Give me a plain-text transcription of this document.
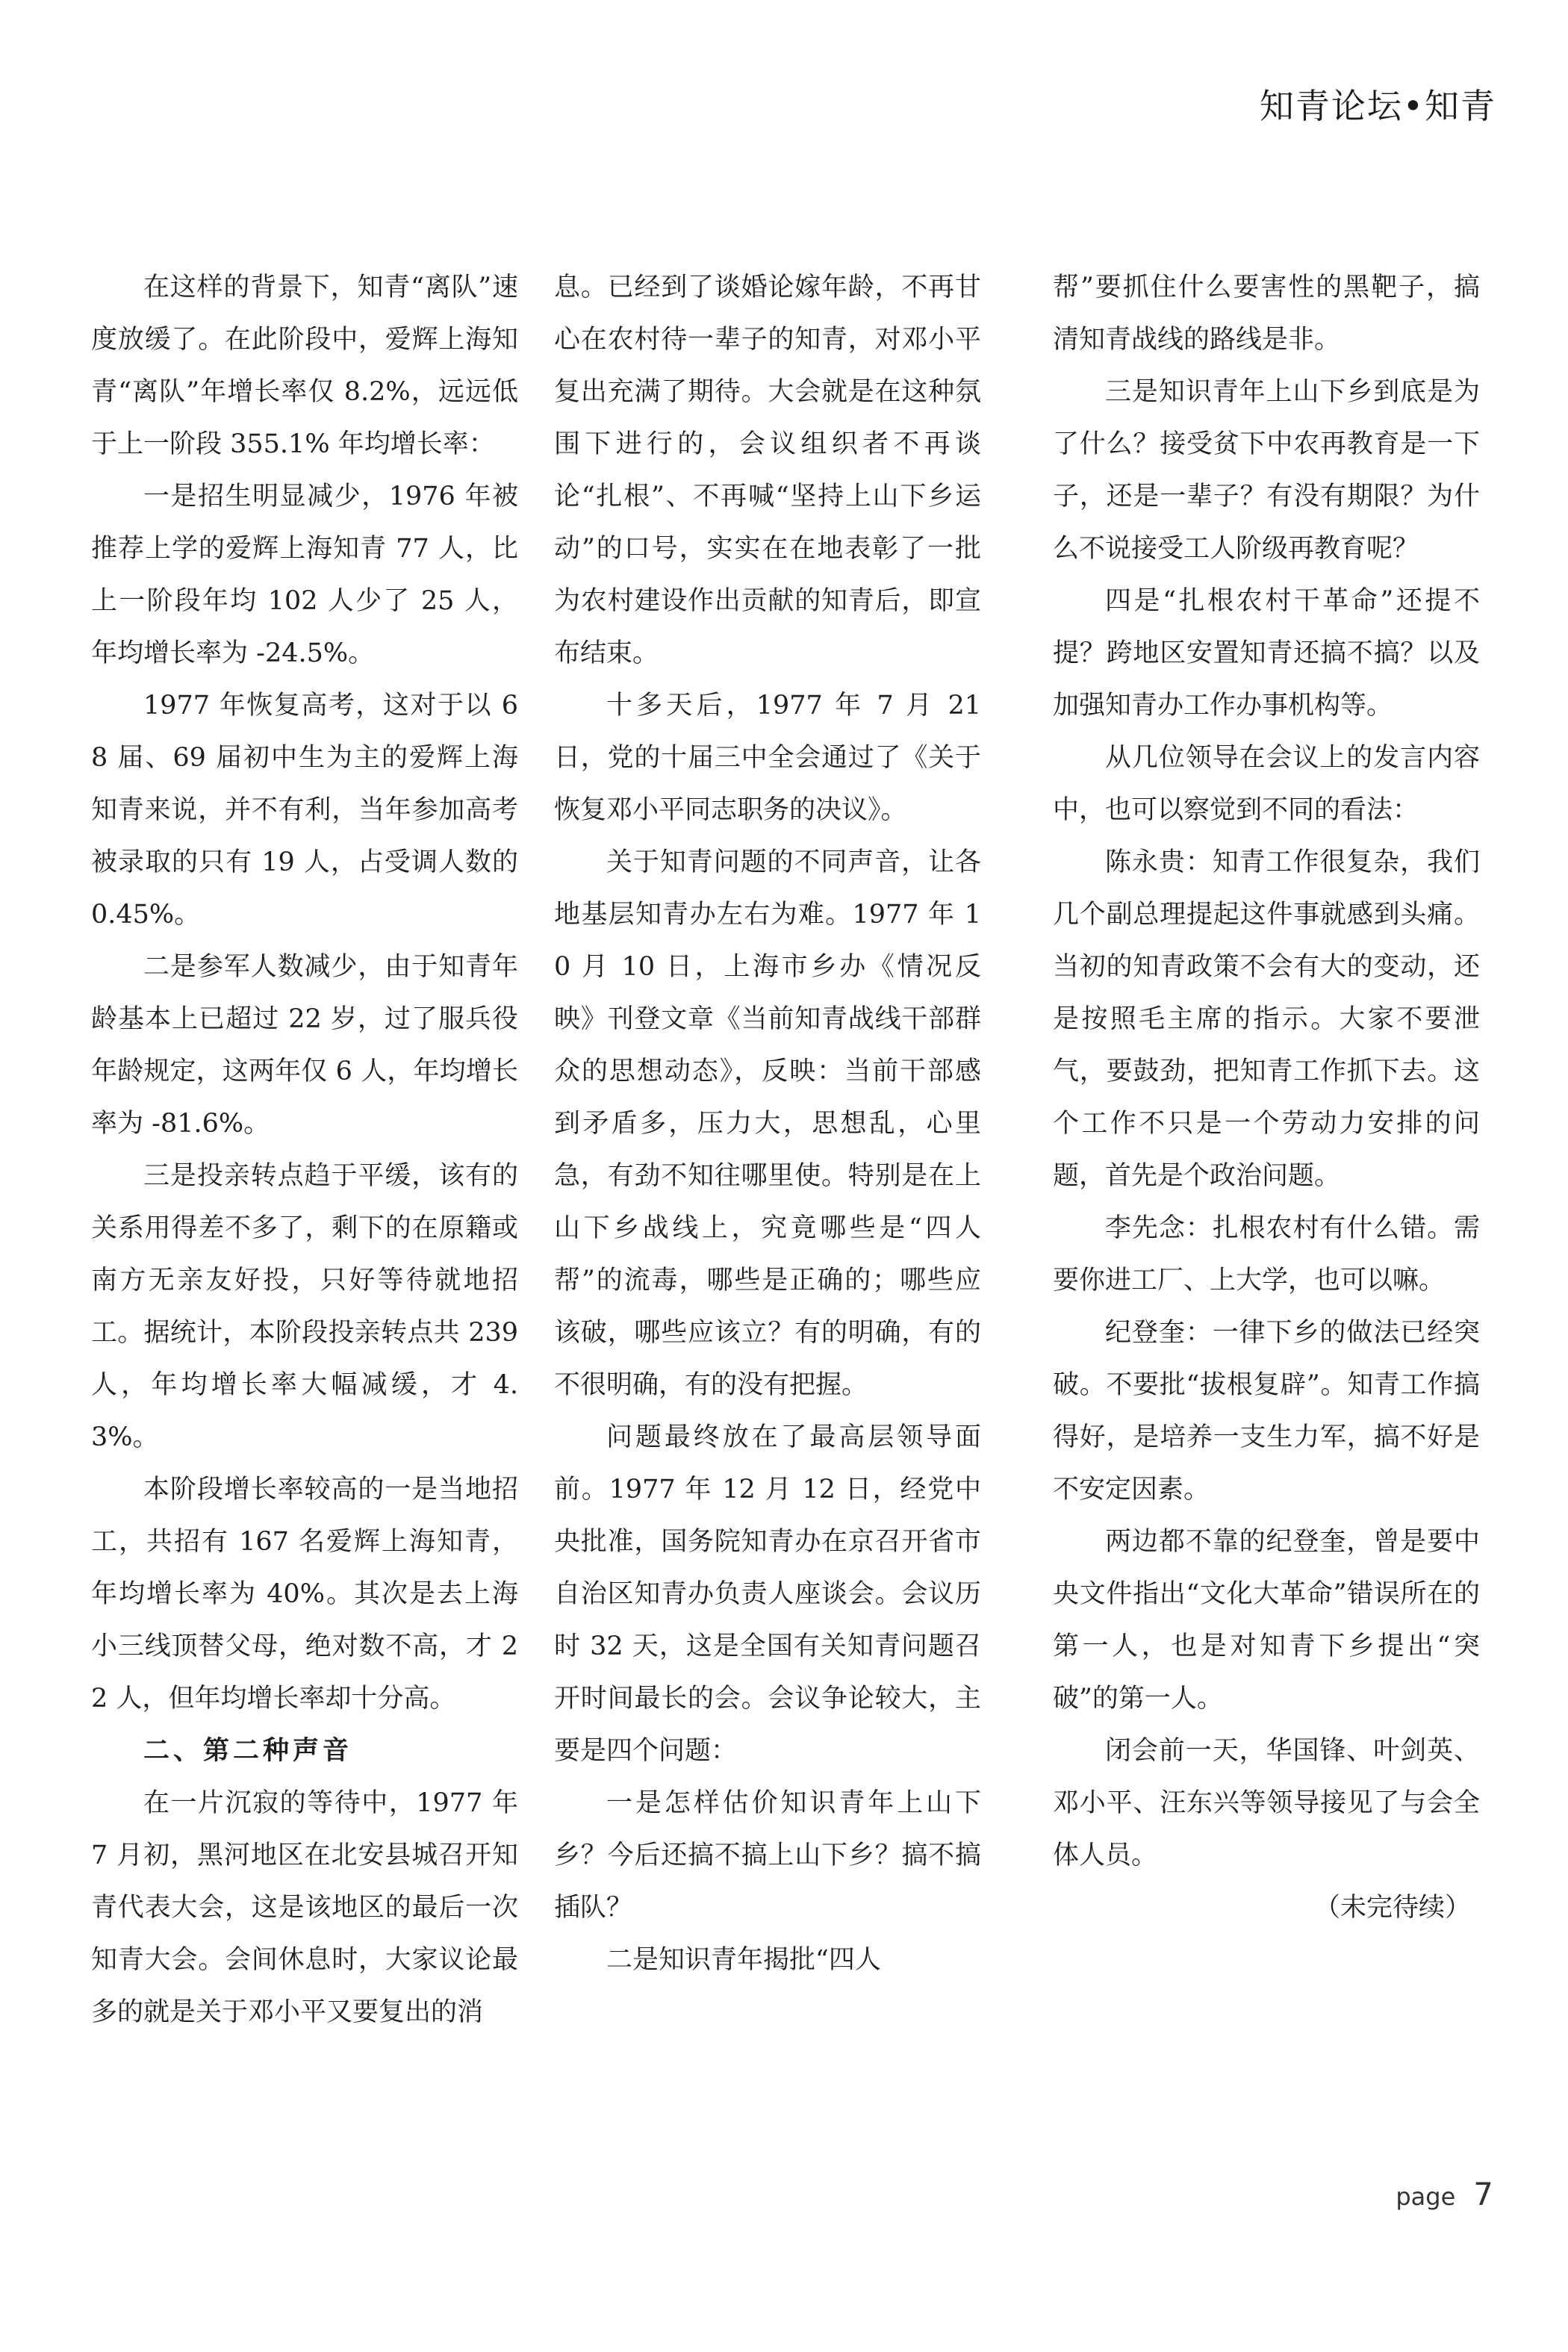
知青论坛•知青

在这样的背景下，知青“离队”速度放缓了。在此阶段中，爱辉上海知青“离队”年增长率仅 8.2%，远远低于上一阶段 355.1% 年均增长率：

一是招生明显减少，1976 年被推荐上学的爱辉上海知青 77 人，比上一阶段年均 102 人少了 25 人，年均增长率为 -24.5%。

1977 年恢复高考，这对于以 68 届、69 届初中生为主的爱辉上海知青来说，并不有利，当年参加高考被录取的只有 19 人，占受调人数的 0.45%。

二是参军人数减少，由于知青年龄基本上已超过 22 岁，过了服兵役年龄规定，这两年仅 6 人，年均增长率为 -81.6%。

三是投亲转点趋于平缓，该有的关系用得差不多了，剩下的在原籍或南方无亲友好投，只好等待就地招工。据统计，本阶段投亲转点共 239 人，年均增长率大幅减缓，才 4.3%。

本阶段增长率较高的一是当地招工，共招有 167 名爱辉上海知青，年均增长率为 40%。其次是去上海小三线顶替父母，绝对数不高，才 22 人，但年均增长率却十分高。

二、第二种声音

在一片沉寂的等待中，1977 年 7 月初，黑河地区在北安县城召开知青代表大会，这是该地区的最后一次知青大会。会间休息时，大家议论最多的就是关于邓小平又要复出的消

息。已经到了谈婚论嫁年龄，不再甘心在农村待一辈子的知青，对邓小平复出充满了期待。大会就是在这种氛围下进行的，会议组织者不再谈论“扎根”、不再喊“坚持上山下乡运动”的口号，实实在在地表彰了一批为农村建设作出贡献的知青后，即宣布结束。

十多天后，1977 年 7 月 21 日，党的十届三中全会通过了《关于恢复邓小平同志职务的决议》。

关于知青问题的不同声音，让各地基层知青办左右为难。1977 年 10 月 10 日，上海市乡办《情况反映》刊登文章《当前知青战线干部群众的思想动态》，反映：当前干部感到矛盾多，压力大，思想乱，心里急，有劲不知往哪里使。特别是在上山下乡战线上，究竟哪些是“四人帮”的流毒，哪些是正确的；哪些应该破，哪些应该立？有的明确，有的不很明确，有的没有把握。

问题最终放在了最高层领导面前。1977 年 12 月 12 日，经党中央批准，国务院知青办在京召开省市自治区知青办负责人座谈会。会议历时 32 天，这是全国有关知青问题召开时间最长的会。会议争论较大，主要是四个问题：

一是怎样估价知识青年上山下乡？今后还搞不搞上山下乡？搞不搞插队？

二是知识青年揭批“四人

帮”要抓住什么要害性的黑靶子，搞清知青战线的路线是非。

三是知识青年上山下乡到底是为了什么？接受贫下中农再教育是一下子，还是一辈子？有没有期限？为什么不说接受工人阶级再教育呢？

四是“扎根农村干革命”还提不提？跨地区安置知青还搞不搞？以及加强知青办工作办事机构等。

从几位领导在会议上的发言内容中，也可以察觉到不同的看法：

陈永贵：知青工作很复杂，我们几个副总理提起这件事就感到头痛。当初的知青政策不会有大的变动，还是按照毛主席的指示。大家不要泄气，要鼓劲，把知青工作抓下去。这个工作不只是一个劳动力安排的问题，首先是个政治问题。

李先念：扎根农村有什么错。需要你进工厂、上大学，也可以嘛。

纪登奎：一律下乡的做法已经突破。不要批“拔根复辟”。知青工作搞得好，是培养一支生力军，搞不好是不安定因素。

两边都不靠的纪登奎，曾是要中央文件指出“文化大革命”错误所在的第一人，也是对知青下乡提出“突破”的第一人。

闭会前一天，华国锋、叶剑英、邓小平、汪东兴等领导接见了与会全体人员。

（未完待续）

page 7
